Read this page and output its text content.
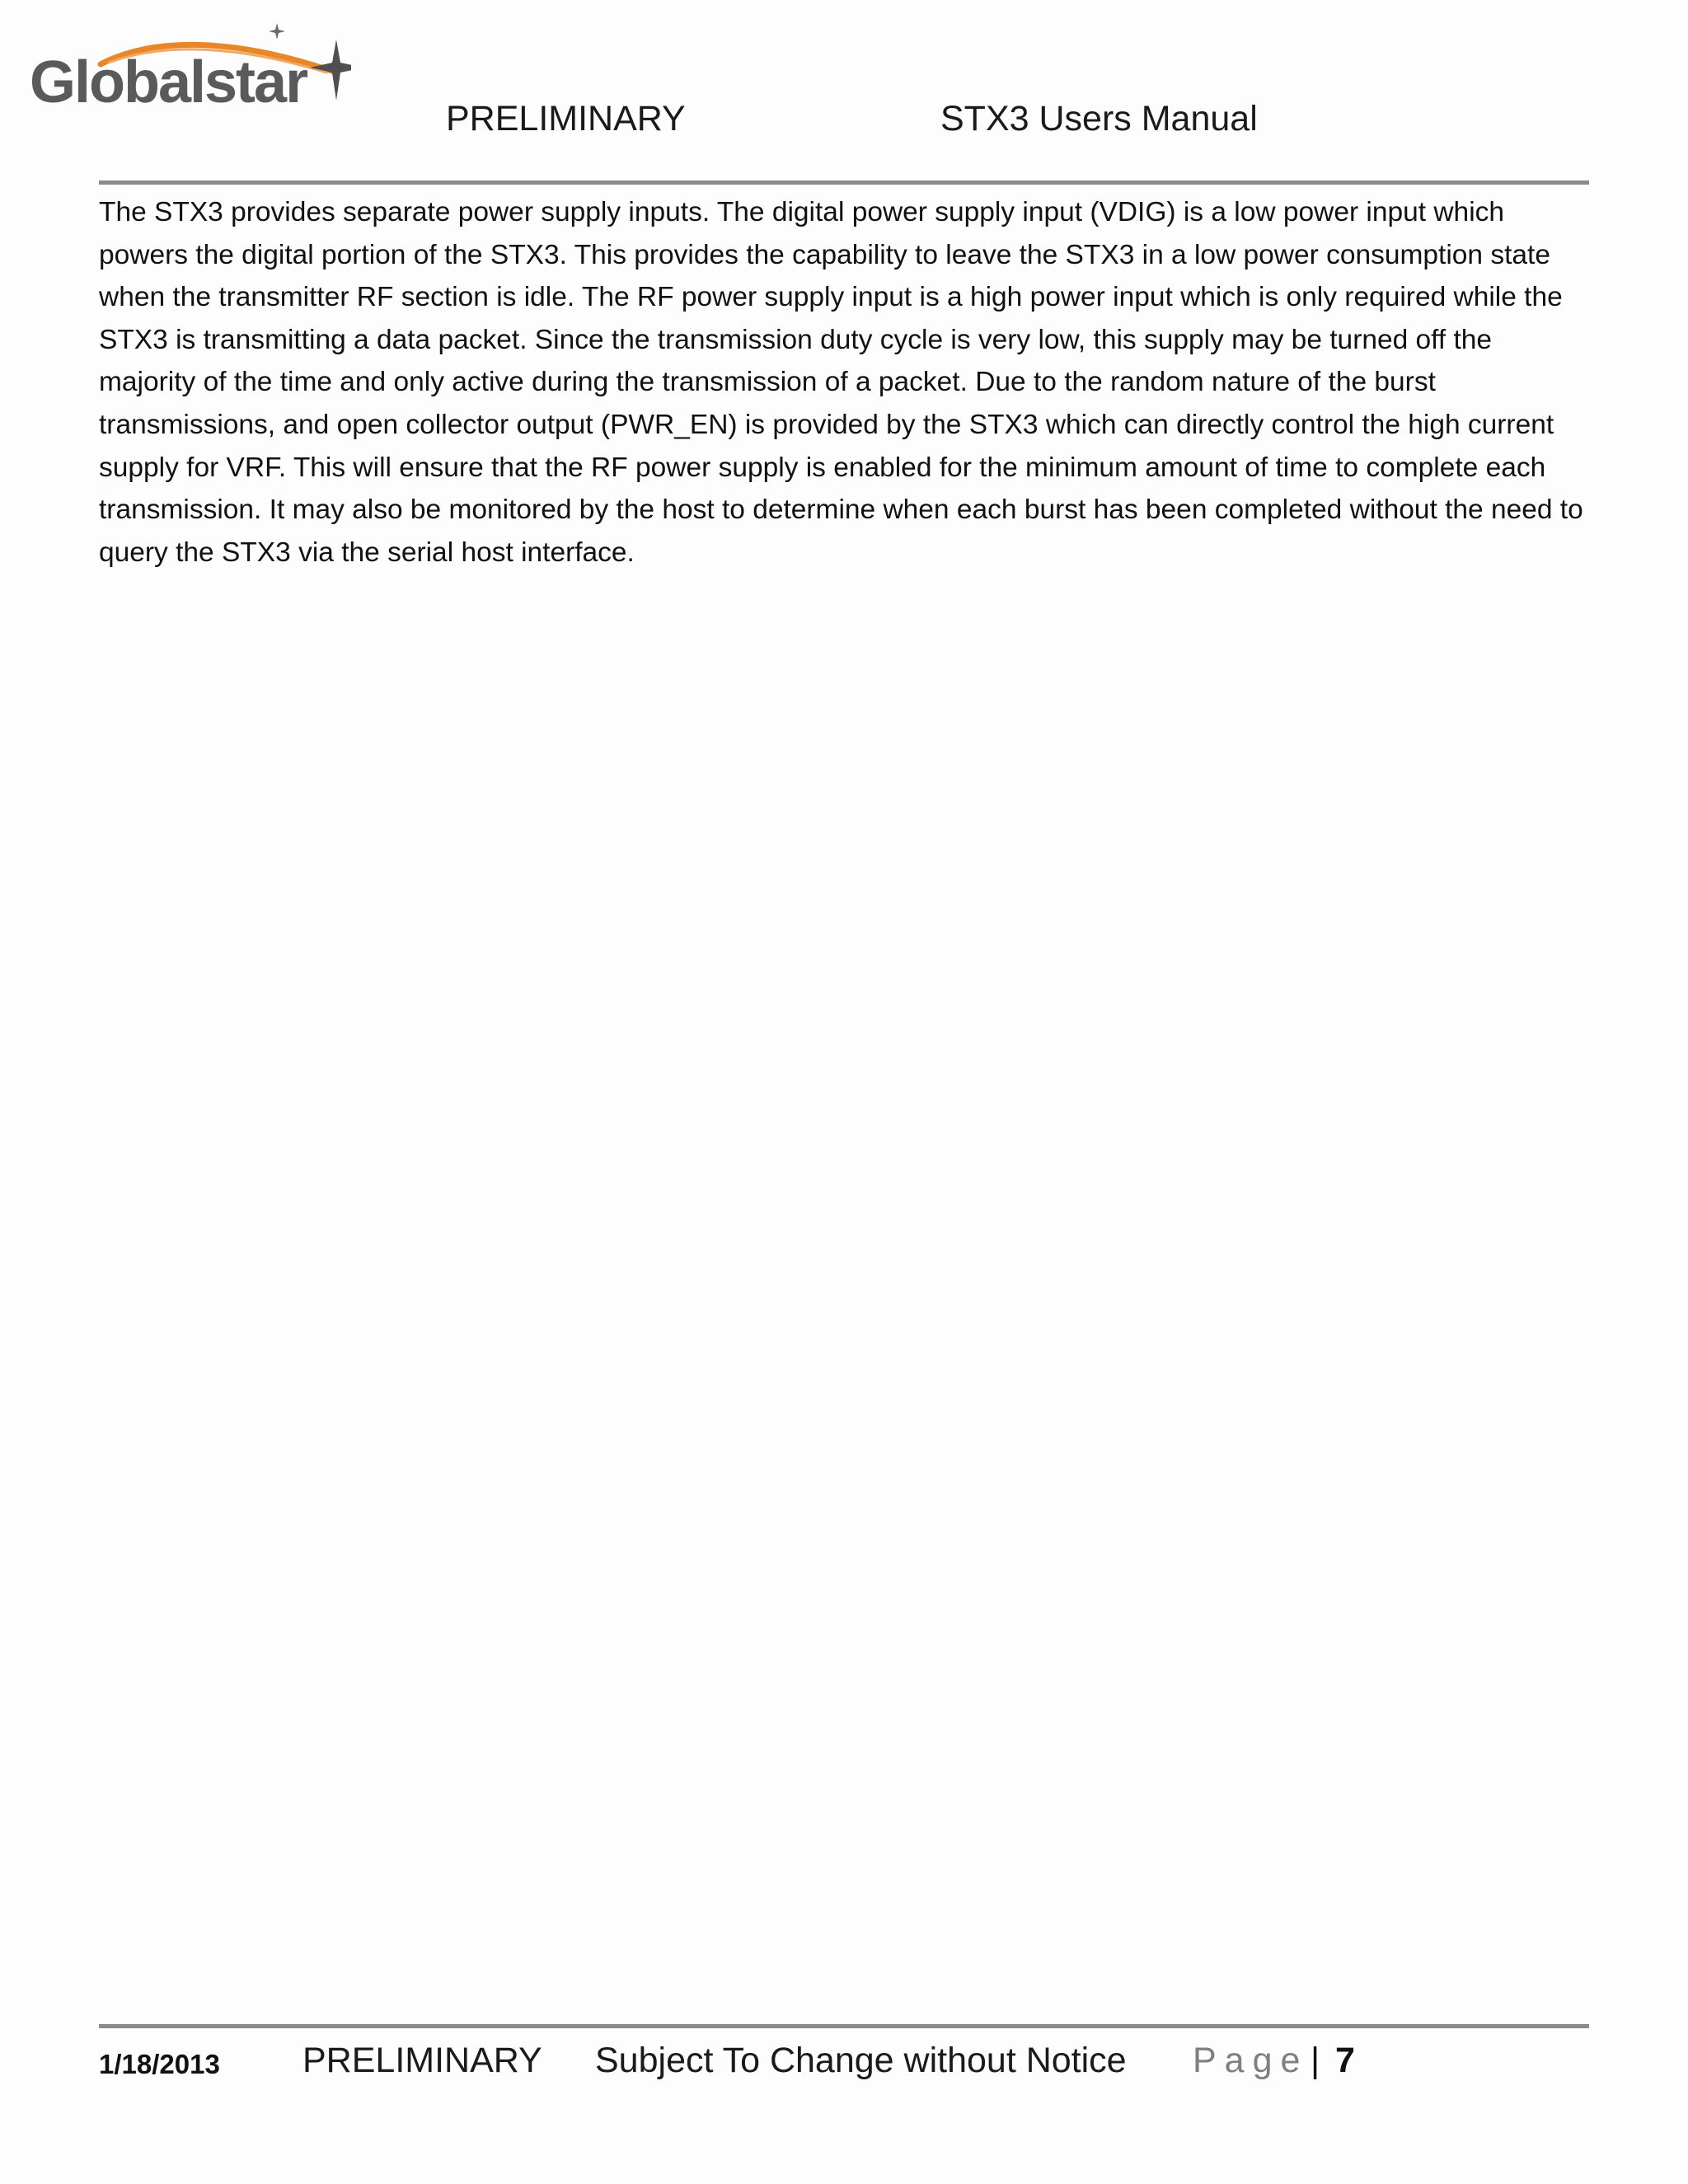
Globalstar
PRELIMINARY	STX3 Users Manual

The STX3 provides separate power supply inputs. The digital power supply input (VDIG) is a low power input which powers the digital portion of the STX3. This provides the capability to leave the STX3 in a low power consumption state when the transmitter RF section is idle. The RF power supply input is a high power input which is only required while the STX3 is transmitting a data packet. Since the transmission duty cycle is very low, this supply may be turned off the majority of the time and only active during the transmission of a packet. Due to the random nature of the burst transmissions, and open collector output (PWR_EN) is provided by the STX3 which can directly control the high current supply for VRF. This will ensure that the RF power supply is enabled for the minimum amount of time to complete each transmission. It may also be monitored by the host to determine when each burst has been completed without the need to query the STX3 via the serial host interface.

1/18/2013 PRELIMINARY Subject To Change without Notice Page | 7
